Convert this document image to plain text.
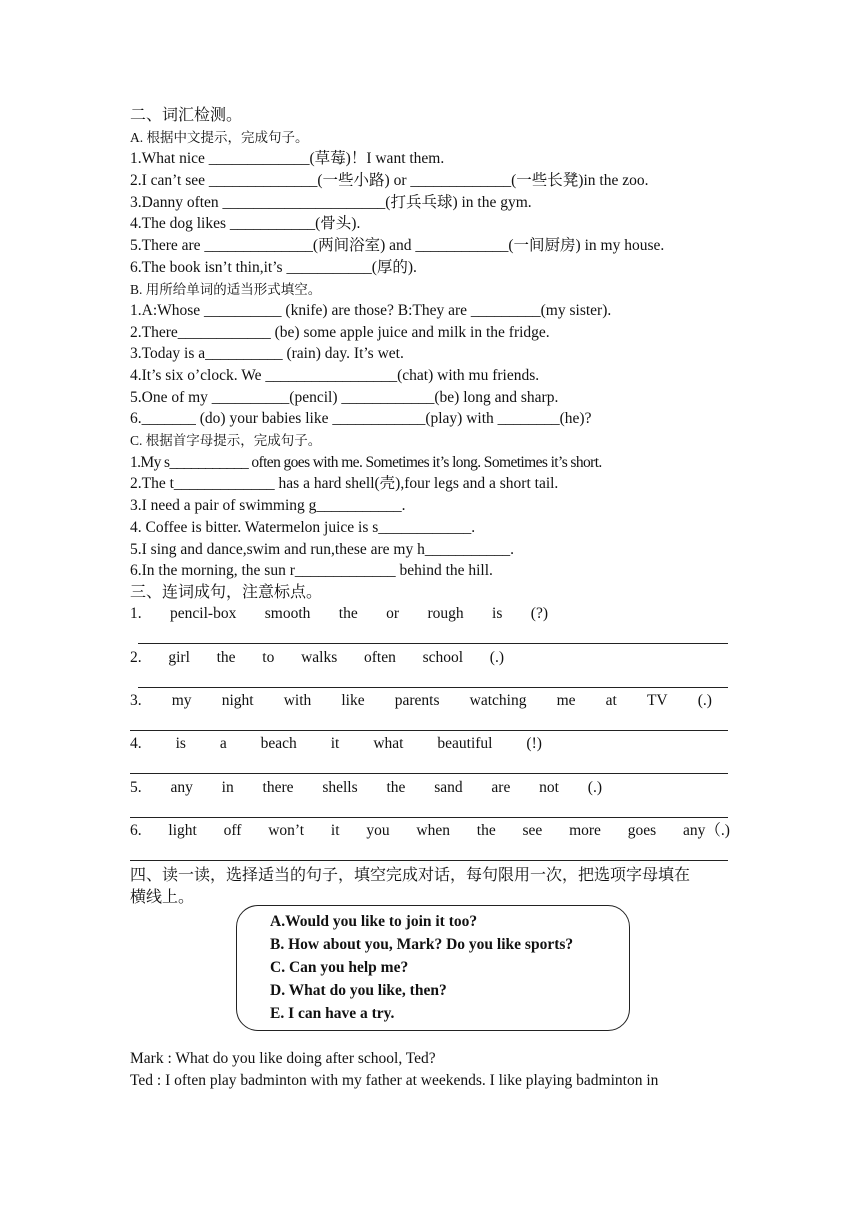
二、词汇检测。
A. 根据中文提示，完成句子。
1.What nice _____________(草莓)！I want them.
2.I can’t see ______________(一些小路) or _____________(一些长凳)in the zoo.
3.Danny often _____________________(打兵乓球) in the gym.
4.The dog likes ___________(骨头).
5.There are ______________(两间浴室) and ____________(一间厨房) in my house.
6.The book isn’t thin,it’s ___________(厚的).
B. 用所给单词的适当形式填空。
1.A:Whose __________ (knife) are those? B:They are _________(my sister).
2.There____________ (be) some apple juice and milk in the fridge.
3.Today is a__________ (rain) day. It’s wet.
4.It’s six o’clock. We _________________(chat) with mu friends.
5.One of my __________(pencil) ____________(be) long and sharp.
6._______ (do) your babies like ____________(play) with ________(he)?
C. 根据首字母提示，完成句子。
1.My s___________ often goes with me. Sometimes it’s long. Sometimes it’s short.
2.The t_____________ has a hard shell(壳),four legs and a short tail.
3.I need a pair of swimming g___________.
4. Coffee is bitter. Watermelon juice is s____________.
5.I sing and dance,swim and run,these are my h___________.
6.In the morning, the sun r_____________ behind the hill.
三、连词成句，注意标点。
1. pencil-box smooth the or rough is (?)
2. girl the to walks often school (.)
3. my night with like parents watching me at TV (.)
4. is a beach it what beautiful (!)
5. any in there shells the sand are not (.)
6. light off won’t it you when the see more goes any（.)
四、读一读，选择适当的句子，填空完成对话，每句限用一次，把选项字母填在
横线上。
A.Would you like to join it too?
B. How about you, Mark? Do you like sports?
C. Can you help me?
D. What do you like, then?
E. I can have a try.
Mark : What do you like doing after school, Ted?
Ted : I often play badminton with my father at weekends. I like playing badminton in
